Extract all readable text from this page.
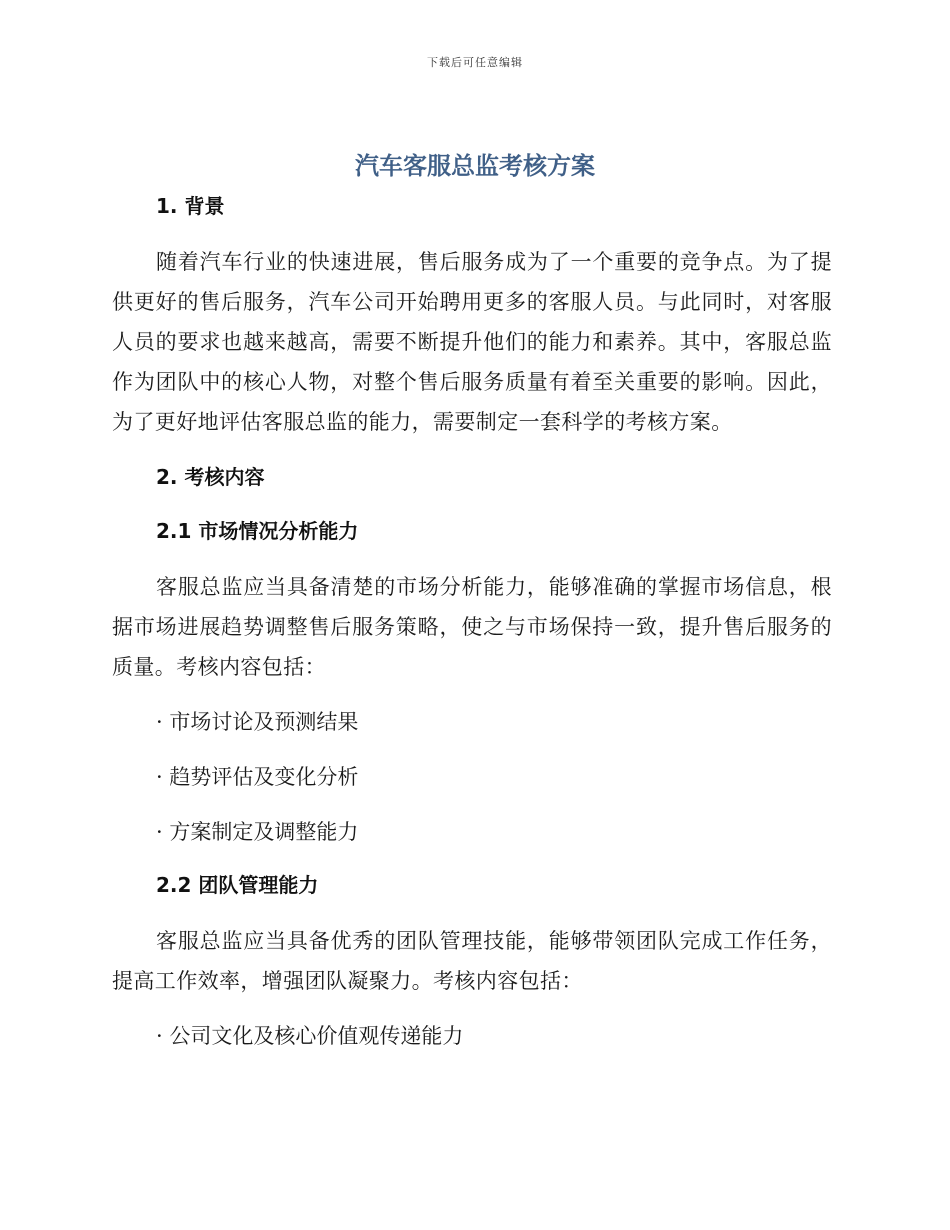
下载后可任意编辑
汽车客服总监考核方案
1. 背景

随着汽车行业的快速进展，售后服务成为了一个重要的竞争点。为了提供更好的售后服务，汽车公司开始聘用更多的客服人员。与此同时，对客服人员的要求也越来越高，需要不断提升他们的能力和素养。其中，客服总监作为团队中的核心人物，对整个售后服务质量有着至关重要的影响。因此，为了更好地评估客服总监的能力，需要制定一套科学的考核方案。

2. 考核内容
2.1 市场情况分析能力

客服总监应当具备清楚的市场分析能力，能够准确的掌握市场信息，根据市场进展趋势调整售后服务策略，使之与市场保持一致，提升售后服务的质量。考核内容包括：

· 市场讨论及预测结果

· 趋势评估及变化分析

· 方案制定及调整能力

2.2 团队管理能力

客服总监应当具备优秀的团队管理技能，能够带领团队完成工作任务，提高工作效率，增强团队凝聚力。考核内容包括：

· 公司文化及核心价值观传递能力
